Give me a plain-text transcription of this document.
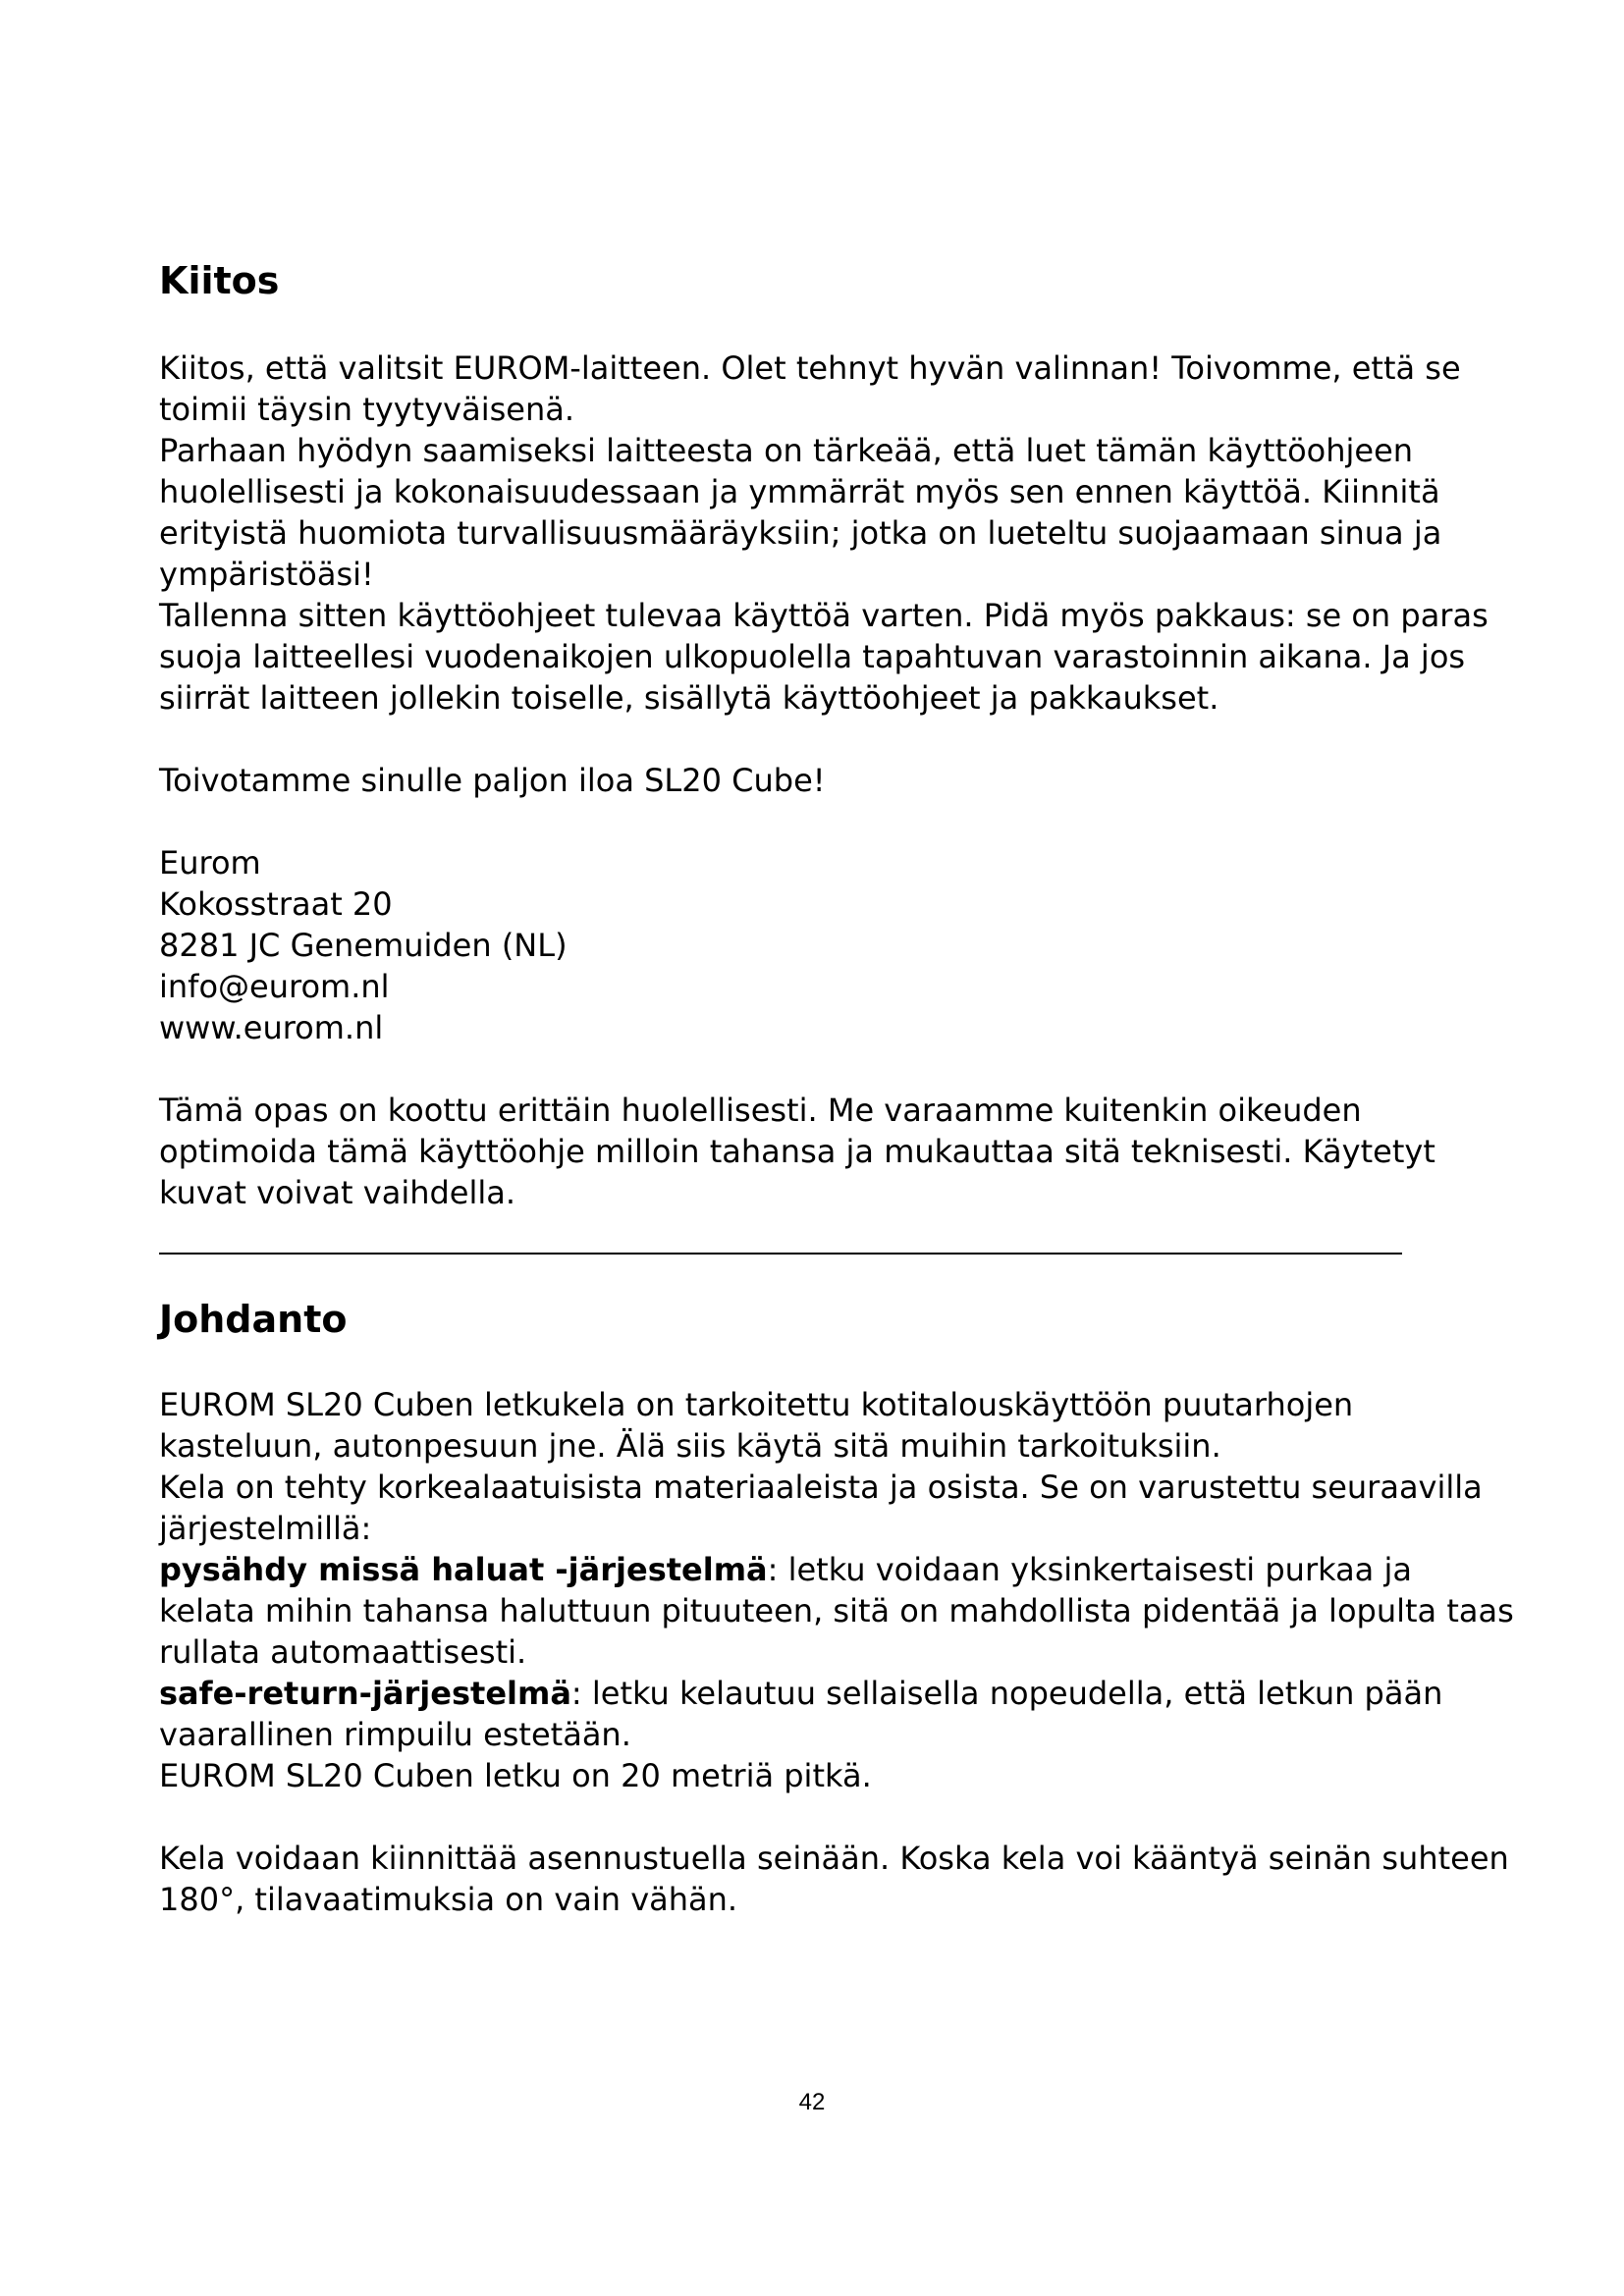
Kiitos

Kiitos, että valitsit EUROM-laitteen. Olet tehnyt hyvän valinnan! Toivomme, että se toimii täysin tyytyväisenä.

Parhaan hyödyn saamiseksi laitteesta on tärkeää, että luet tämän käyttöohjeen huolellisesti ja kokonaisuudessaan ja ymmärrät myös sen ennen käyttöä. Kiinnitä erityistä huomiota turvallisuusmääräyksiin; jotka on lueteltu suojaamaan sinua ja ympäristöäsi!

Tallenna sitten käyttöohjeet tulevaa käyttöä varten. Pidä myös pakkaus: se on paras suoja laitteellesi vuodenaikojen ulkopuolella tapahtuvan varastoinnin aikana. Ja jos siirrät laitteen jollekin toiselle, sisällytä käyttöohjeet ja pakkaukset.

Toivotamme sinulle paljon iloa SL20 Cube!

Eurom

Kokosstraat 20

8281 JC Genemuiden (NL)

info@eurom.nl

www.eurom.nl

Tämä opas on koottu erittäin huolellisesti. Me varaamme kuitenkin oikeuden optimoida tämä käyttöohje milloin tahansa ja mukauttaa sitä teknisesti. Käytetyt kuvat voivat vaihdella.

Johdanto

EUROM SL20 Cuben letkukela on tarkoitettu kotitalouskäyttöön puutarhojen kasteluun, autonpesuun jne. Älä siis käytä sitä muihin tarkoituksiin.

Kela on tehty korkealaatuisista materiaaleista ja osista. Se on varustettu seuraavilla järjestelmillä:

pysähdy missä haluat -järjestelmä: letku voidaan yksinkertaisesti purkaa ja kelata mihin tahansa haluttuun pituuteen, sitä on mahdollista pidentää ja lopulta taas rullata automaattisesti.

safe-return-järjestelmä: letku kelautuu sellaisella nopeudella, että letkun pään vaarallinen rimpuilu estetään.

EUROM SL20 Cuben letku on 20 metriä pitkä.

Kela voidaan kiinnittää asennustuella seinään. Koska kela voi kääntyä seinän suhteen 180°, tilavaatimuksia on vain vähän.

42
